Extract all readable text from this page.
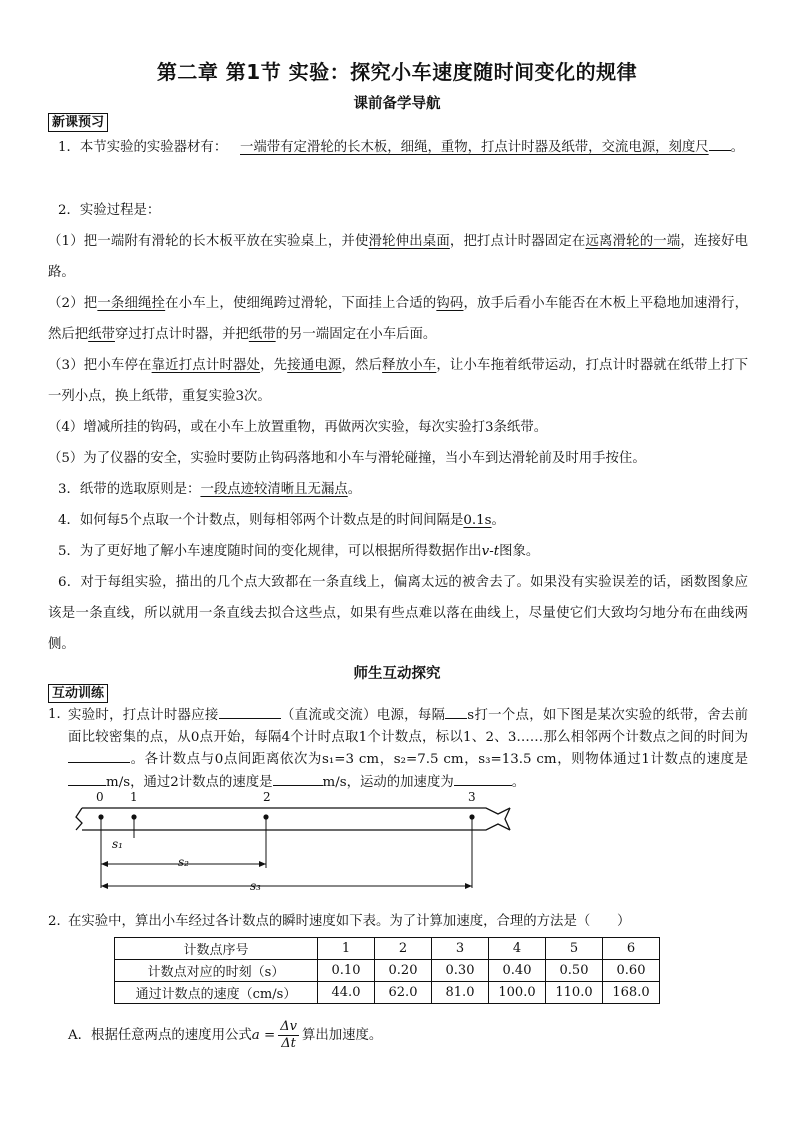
第二章 第1节 实验：探究小车速度随时间变化的规律
课前备学导航
新课预习
1．本节实验的实验器材有： 一端带有定滑轮的长木板，细绳，重物，打点计时器及纸带，交流电源，刻度尺 。
2．实验过程是：
（1）把一端附有滑轮的长木板平放在实验桌上，并使滑轮伸出桌面，把打点计时器固定在远离滑轮的一端，连接好电路。
（2）把一条细绳拴在小车上，使细绳跨过滑轮，下面挂上合适的钩码，放手后看小车能否在木板上平稳地加速滑行，然后把纸带穿过打点计时器，并把纸带的另一端固定在小车后面。
（3）把小车停在靠近打点计时器处，先接通电源，然后释放小车，让小车拖着纸带运动，打点计时器就在纸带上打下一列小点，换上纸带，重复实验3次。
（4）增减所挂的钩码，或在小车上放置重物，再做两次实验，每次实验打3条纸带。
（5）为了仪器的安全，实验时要防止钩码落地和小车与滑轮碰撞，当小车到达滑轮前及时用手按住。
3．纸带的选取原则是：一段点迹较清晰且无漏点。
4．如何每5个点取一个计数点，则每相邻两个计数点是的时间间隔是0.1s。
5．为了更好地了解小车速度随时间的变化规律，可以根据所得数据作出v-t图象。
6．对于每组实验，描出的几个点大致都在一条直线上，偏离太远的被舍去了。如果没有实验误差的话，函数图象应该是一条直线，所以就用一条直线去拟合这些点，如果有些点难以落在曲线上，尽量使它们大致均匀地分布在曲线两侧。
师生互动探究
互动训练
1．
实验时，打点计时器应接	（直流或交流）电源，每隔 s打一个点，如下图是某次实验的纸带，舍去前面比较密集的点，从0点开始，每隔4个计时点取1个计数点，标以1、2、3……那么相邻两个计数点之间的时间为。各计数点与0点间距离依次为s₁=3 cm，s₂=7.5 cm，s₃=13.5 cm，则物体通过1计数点的速度是m/s，通过2计数点的速度是	m/s，运动的加速度为	。
0 1	2	3
s₁
s₂
s₃
2．
在实验中，算出小车经过各计数点的瞬时速度如下表。为了计算加速度，合理的方法是（　　）
计数点序号	1	2	3	4	5	6
计数点对应的时刻（s）	0.10	0.20	0.30	0.40	0.50	0.60
通过计数点的速度（cm/s）	44.0	62.0	81.0	100.0	110.0	168.0
A．根据任意两点的速度用公式$a = \frac{\Delta v}{\Delta t}$ 算出加速度。
